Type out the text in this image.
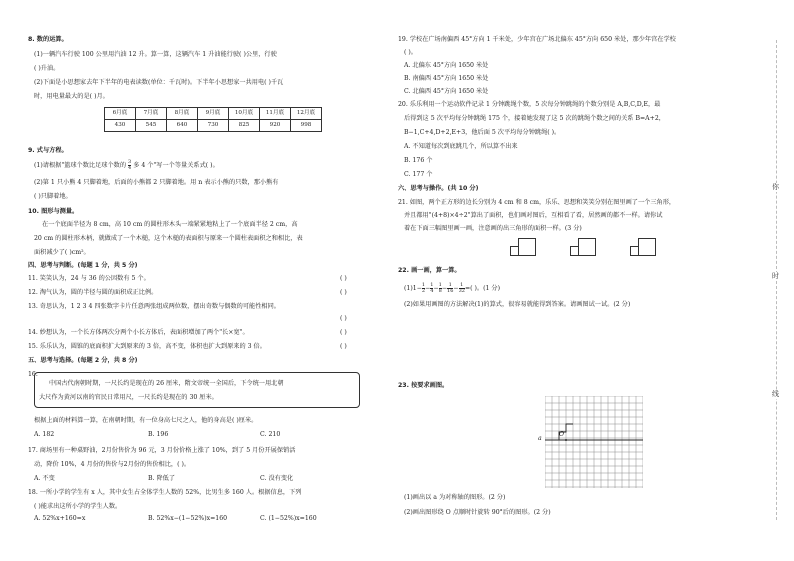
8. 数的运算。
(1)一辆汽车行驶 100 公里用汽油 12 升。算一算，这辆汽车 1 升油能行驶( )公里，行驶
( )升油。
(2)下面是小思想家去年下半年的电表读数(单位：千瓦时)。下半年小思想家一共用电( )千瓦
时，用电量最大的是( )月。
6月底	7月底	8月底	9月底	10月底	11月底	12月底
430	545	640	730	825	920	998
9. 式与方程。
(1)请根据"篮球个数比足球个数的 $\frac{3}{4}$ 多 4 个"写一个等量关系式( )。
(2)第 1 只小熊 4 只脚着地，后面的小熊都 2 只脚着地。用 n 表示小熊的只数，那小熊有
( )只脚着地。
10. 图形与测量。
在一个底面半径为 8 cm，高 10 cm 的圆柱形木头一端紧紧地粘上了一个底面半径 2 cm，高
20 cm 的圆柱形木柄，就做成了一个木槌，这个木槌的表面积与原来一个圆柱表面积之和相比，表
面积减少了( )cm²。
四、思考与判断。(每题 1 分，共 5 分)
11. 笑笑认为，24 与 36 的公因数有 5 个。	( )
12. 淘气认为，圆的半径与圆的面积成正比例。	( )
13. 奇思认为，1 2 3 4 四张数字卡片任意两张组成两位数，摆出奇数与偶数的可能性相同。
( )
14. 妙想认为，一个长方体两次分两个小长方体后，表面积增加了两个"长×宽"。	( )
15. 乐乐认为，圆锥的底面积扩大到原来的 3 倍，高不变，体积也扩大到原来的 3 倍。	( )
五、思考与选择。(每题 2 分，共 8 分)
16.
中国古代南朝时期，一尺长约是现在的 26 厘米，隋文帝统一全国后，下令统一用北朝
大尺作为黄河以南的官民日常用尺，一尺长约是现在的 30 厘米。
根据上面的材料算一算，在南朝时期，有一位身高七尺之人，他的身高是( )厘米。
A. 182	B. 196	C. 210
17. 商场里有一种桌野油，2月份售价为 96 元，3 月份价格上涨了 10%，到了 5 月份开展保销活
动，降价 10%，4 月份的售价与2月份的售价相比，( )。
A. 不变	B. 降低了	C. 没有变化
18. 一所小学的学生有 x 人，其中女生占全体学生人数的 52%，比男生多 160 人。根据信息，下列
( )能求出这所小学的学生人数。
A. 52%x+160=x	B. 52%x−(1−52%)x=160	C. (1−52%)x=160
19. 学校在广场南偏西 45°方向 1 千米处，少年宫在广场北偏东 45°方向 650 米处，那少年宫在学校
( )。
A. 北偏东 45°方向 1650 米处
B. 南偏西 45°方向 1650 米处
C. 北偏西 45°方向 1650 米处
20. 乐乐利用一个运动软件记录 1 分钟跳绳个数，5 次每分钟跳绳的个数分别是 A,B,C,D,E，最
后得到这 5 次平均每分钟跳绳 175 个，接着她发现了这 5 次的跳绳个数之间的关系 B=A+2，
B−1,C+4,D+2,E+3，他后面 5 次平均每分钟跳绳( )。
A. 不知道每次到底跳几个，所以算不出来
B. 176 个
C. 177 个
六、思考与操作。(共 10 分)
21. 如图，两个正方形的边长分别为 4 cm 和 8 cm，乐乐、思想和笑笑分别在图里画了一个三角形，
并且都用"(4+8)×4÷2"算出了面积，也们画对图后，互相看了看，居然画的都不一样。请你试
着在下面三幅图里画一画，注意画的出三角形的面积一样。(3 分)
22. 画一画，算一算。
$(1)1- \frac{1}{2} - \frac{1}{4} - \frac{1}{8} - \frac{1}{16} - \frac{1}{32}$ =( )。(1 分)
(2)如果用画图的方法解决(1)的算式，很容易就能得到答案。请画图试一试。(2 分)
23. 按要求画图。
(1)画出以 a 为对称轴的图形。(2 分)
(2)画出图形绕 O 点顺时针旋转 90°后的图形。(2 分)
a
O
你
时
线
